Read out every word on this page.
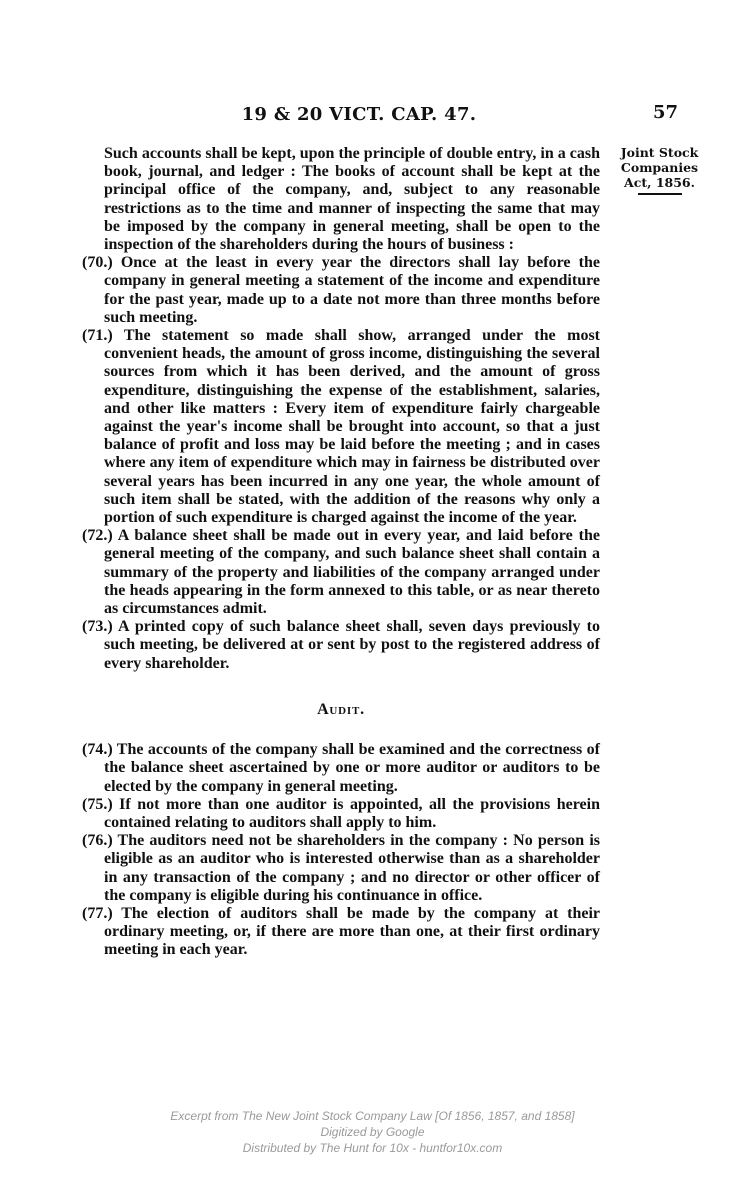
19 & 20 VICT. CAP. 47.	57
Joint Stock
Companies
Act, 1856.

Such accounts shall be kept, upon the principle of double entry, in a cash book, journal, and ledger : The books of account shall be kept at the principal office of the company, and, subject to any reasonable restrictions as to the time and manner of inspecting the same that may be imposed by the company in general meeting, shall be open to the inspection of the shareholders during the hours of business :

(70.) Once at the least in every year the directors shall lay before the company in general meeting a statement of the income and expenditure for the past year, made up to a date not more than three months before such meeting.

(71.) The statement so made shall show, arranged under the most convenient heads, the amount of gross income, distinguishing the several sources from which it has been derived, and the amount of gross expenditure, distinguishing the expense of the establishment, salaries, and other like matters : Every item of expenditure fairly chargeable against the year's income shall be brought into account, so that a just balance of profit and loss may be laid before the meeting ; and in cases where any item of expenditure which may in fairness be distributed over several years has been incurred in any one year, the whole amount of such item shall be stated, with the addition of the reasons why only a portion of such expenditure is charged against the income of the year.

(72.) A balance sheet shall be made out in every year, and laid before the general meeting of the company, and such balance sheet shall contain a summary of the property and liabilities of the company arranged under the heads appearing in the form annexed to this table, or as near thereto as circumstances admit.

(73.) A printed copy of such balance sheet shall, seven days previously to such meeting, be delivered at or sent by post to the registered address of every shareholder.

Audit.

(74.) The accounts of the company shall be examined and the correctness of the balance sheet ascertained by one or more auditor or auditors to be elected by the company in general meeting.

(75.) If not more than one auditor is appointed, all the provisions herein contained relating to auditors shall apply to him.

(76.) The auditors need not be shareholders in the company : No person is eligible as an auditor who is interested otherwise than as a shareholder in any transaction of the company ; and no director or other officer of the company is eligible during his continuance in office.

(77.) The election of auditors shall be made by the company at their ordinary meeting, or, if there are more than one, at their first ordinary meeting in each year.

Excerpt from The New Joint Stock Company Law [Of 1856, 1857, and 1858]
Digitized by Google
Distributed by The Hunt for 10x - huntfor10x.com
